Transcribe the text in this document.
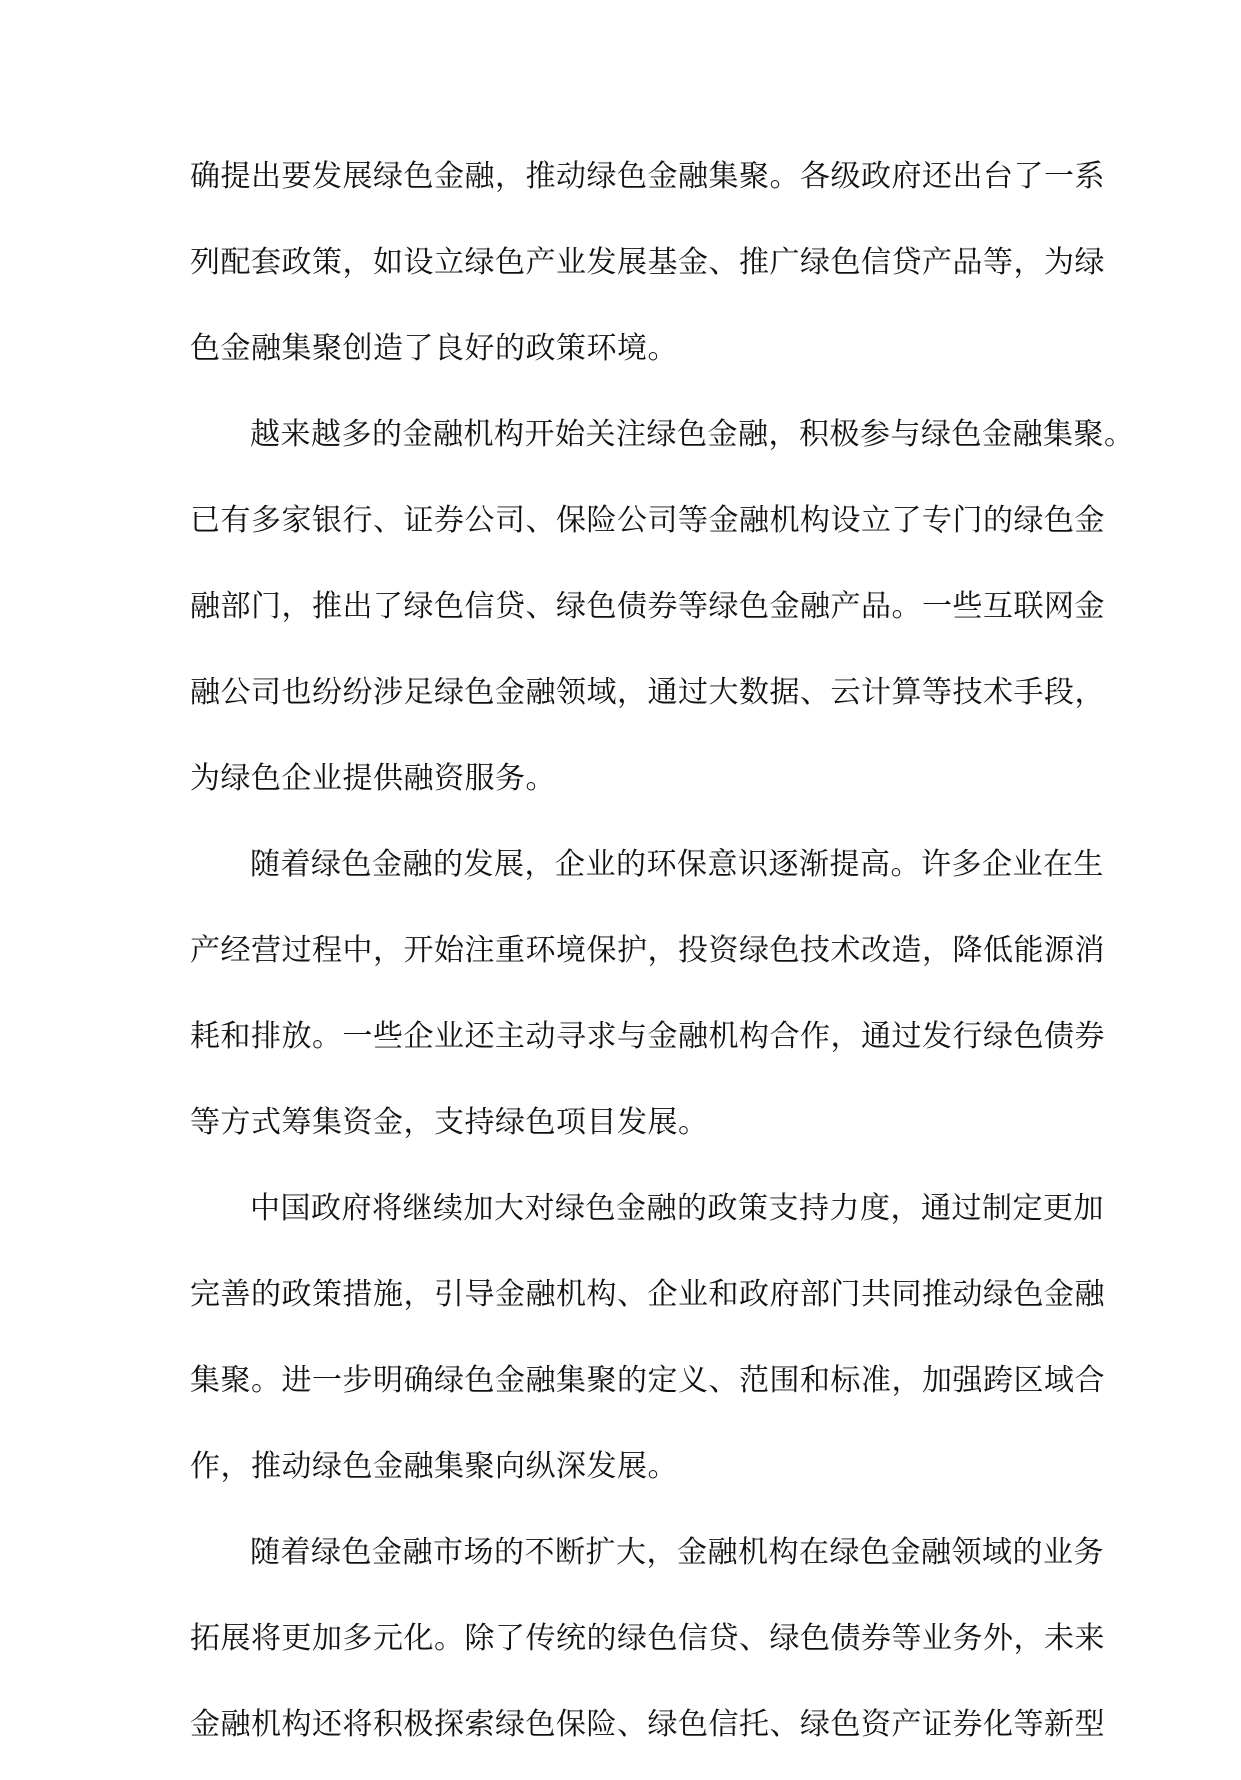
确提出要发展绿色金融，推动绿色金融集聚。各级政府还出台了一系
列配套政策，如设立绿色产业发展基金、推广绿色信贷产品等，为绿
色金融集聚创造了良好的政策环境。
越来越多的金融机构开始关注绿色金融，积极参与绿色金融集聚。
已有多家银行、证券公司、保险公司等金融机构设立了专门的绿色金
融部门，推出了绿色信贷、绿色债券等绿色金融产品。一些互联网金
融公司也纷纷涉足绿色金融领域，通过大数据、云计算等技术手段，
为绿色企业提供融资服务。
随着绿色金融的发展，企业的环保意识逐渐提高。许多企业在生
产经营过程中，开始注重环境保护，投资绿色技术改造，降低能源消
耗和排放。一些企业还主动寻求与金融机构合作，通过发行绿色债券
等方式筹集资金，支持绿色项目发展。
中国政府将继续加大对绿色金融的政策支持力度，通过制定更加
完善的政策措施，引导金融机构、企业和政府部门共同推动绿色金融
集聚。进一步明确绿色金融集聚的定义、范围和标准，加强跨区域合
作，推动绿色金融集聚向纵深发展。
随着绿色金融市场的不断扩大，金融机构在绿色金融领域的业务
拓展将更加多元化。除了传统的绿色信贷、绿色债券等业务外，未来
金融机构还将积极探索绿色保险、绿色信托、绿色资产证券化等新型
